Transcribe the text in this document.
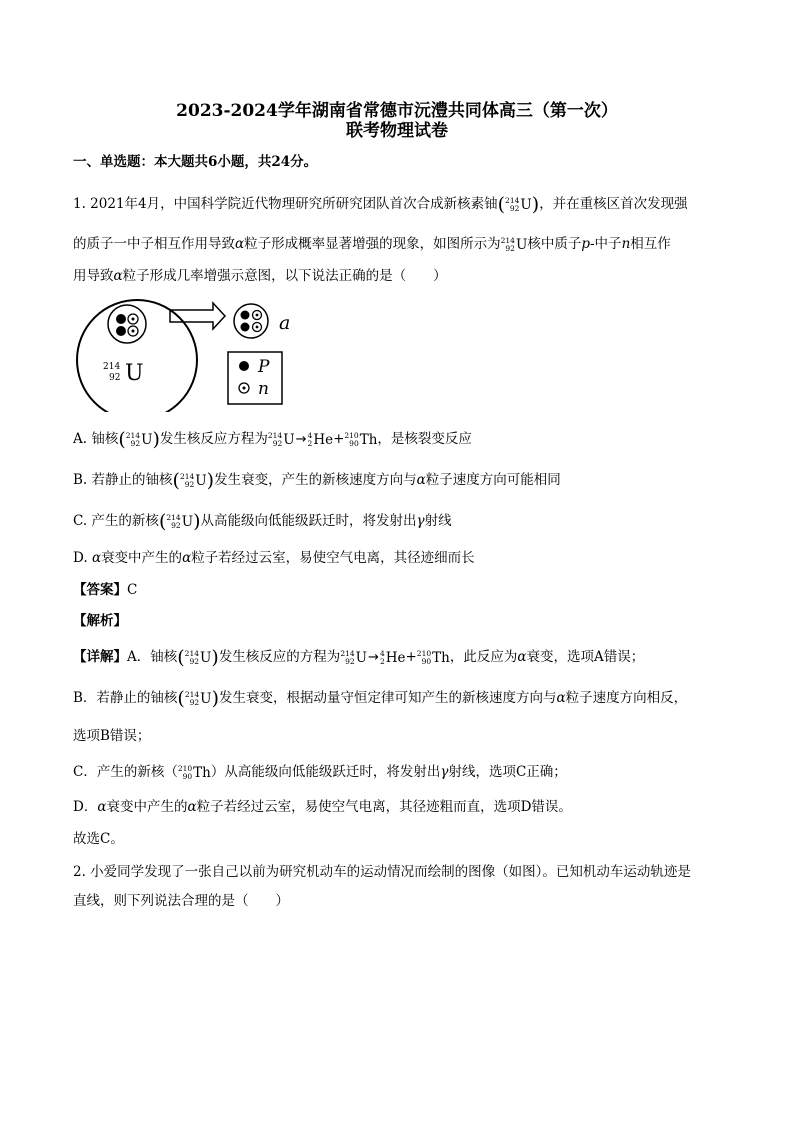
2023-2024学年湖南省常德市沅澧共同体高三（第一次）
联考物理试卷
一、单选题：本大题共6小题，共24分。
1. 2021年4月，中国科学院近代物理研究所研究团队首次合成新核素铀( 214
92 U )，并在重核区首次发现强
的质子一中子相互作用导致α粒子形成概率显著增强的现象，如图所示为 214
92 U 核中质子p-中子n相互作
用导致α粒子形成几率增强示意图，以下说法正确的是（　　）
214
92 U
a
P
n
A. 铀核( 214
92 U )发生核反应方程为 214
92 U → 4
2 He + 210
90 Th ，是核裂变反应
B. 若静止的铀核( 214
92 U )发生衰变，产生的新核速度方向与α粒子速度方向可能相同
C. 产生的新核( 214
92 U )从高能级向低能级跃迁时，将发射出γ射线
D. α衰变中产生的α粒子若经过云室，易使空气电离，其径迹细而长
【答案】C
【解析】
【详解】A．铀核( 214
92 U )发生核反应的方程为 214
92 U → 4
2 He + 210
90 Th ，此反应为α衰变，选项A错误；
B．若静止的铀核( 214
92 U )发生衰变，根据动量守恒定律可知产生的新核速度方向与α粒子速度方向相反，
选项B错误；
C．产生的新核（ 210
90 Th ）从高能级向低能级跃迁时，将发射出γ射线，选项C正确；
D．α衰变中产生的α粒子若经过云室，易使空气电离，其径迹粗而直，选项D错误。
故选C。
2. 小爱同学发现了一张自己以前为研究机动车的运动情况而绘制的图像（如图）。已知机动车运动轨迹是
直线，则下列说法合理的是（　　）
